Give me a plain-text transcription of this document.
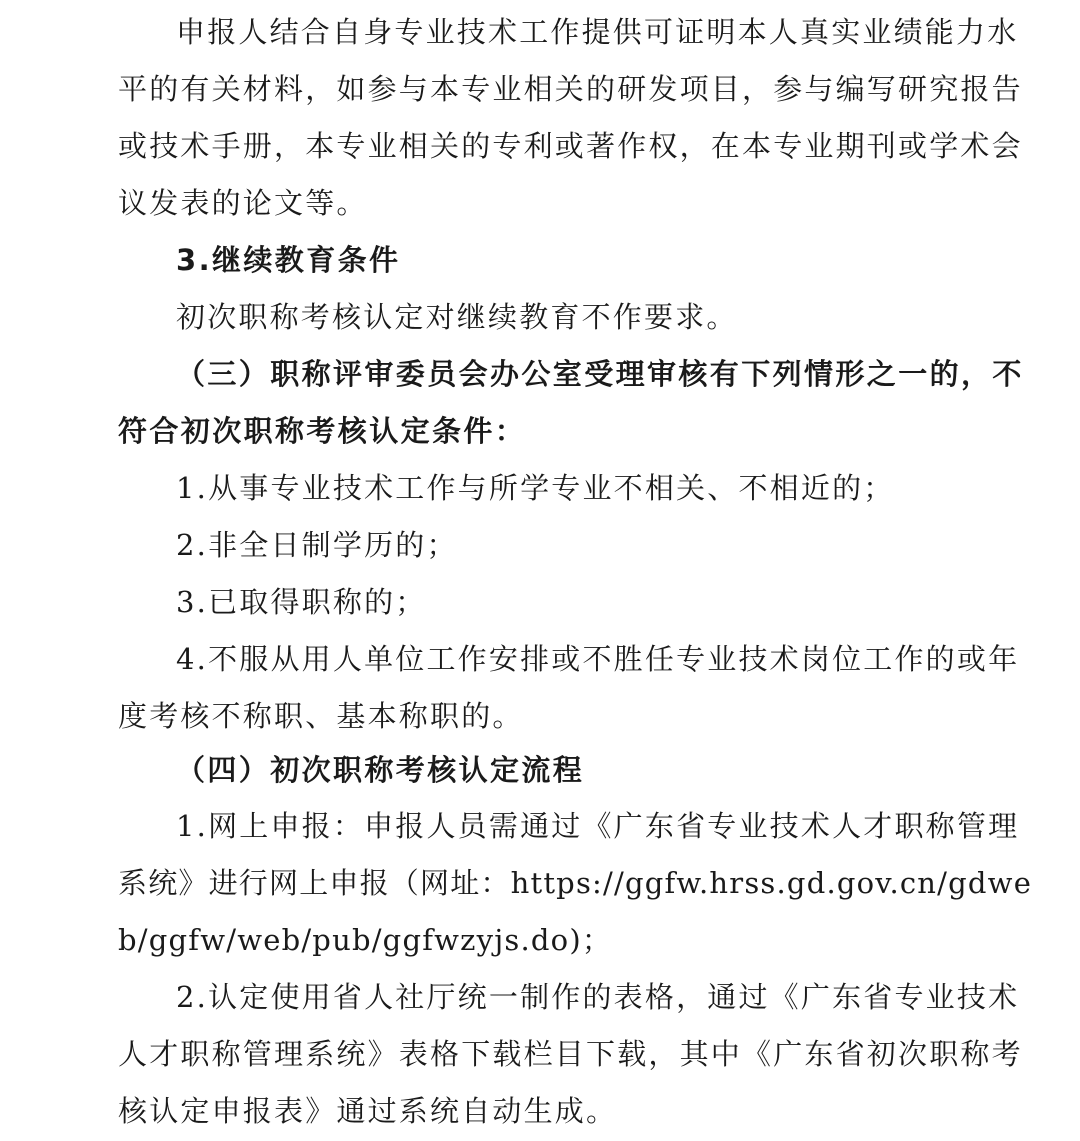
申报人结合自身专业技术工作提供可证明本人真实业绩能力水
平的有关材料，如参与本专业相关的研发项目，参与编写研究报告
或技术手册，本专业相关的专利或著作权，在本专业期刊或学术会
议发表的论文等。
3.继续教育条件
初次职称考核认定对继续教育不作要求。
（三）职称评审委员会办公室受理审核有下列情形之一的，不
符合初次职称考核认定条件：
1.从事专业技术工作与所学专业不相关、不相近的；
2.非全日制学历的；
3.已取得职称的；
4.不服从用人单位工作安排或不胜任专业技术岗位工作的或年
度考核不称职、基本称职的。
（四）初次职称考核认定流程
1.网上申报：申报人员需通过《广东省专业技术人才职称管理
系统》进行网上申报（网址：https://ggfw.hrss.gd.gov.cn/gdwe
b/ggfw/web/pub/ggfwzyjs.do)；
2.认定使用省人社厅统一制作的表格，通过《广东省专业技术
人才职称管理系统》表格下载栏目下载，其中《广东省初次职称考
核认定申报表》通过系统自动生成。
